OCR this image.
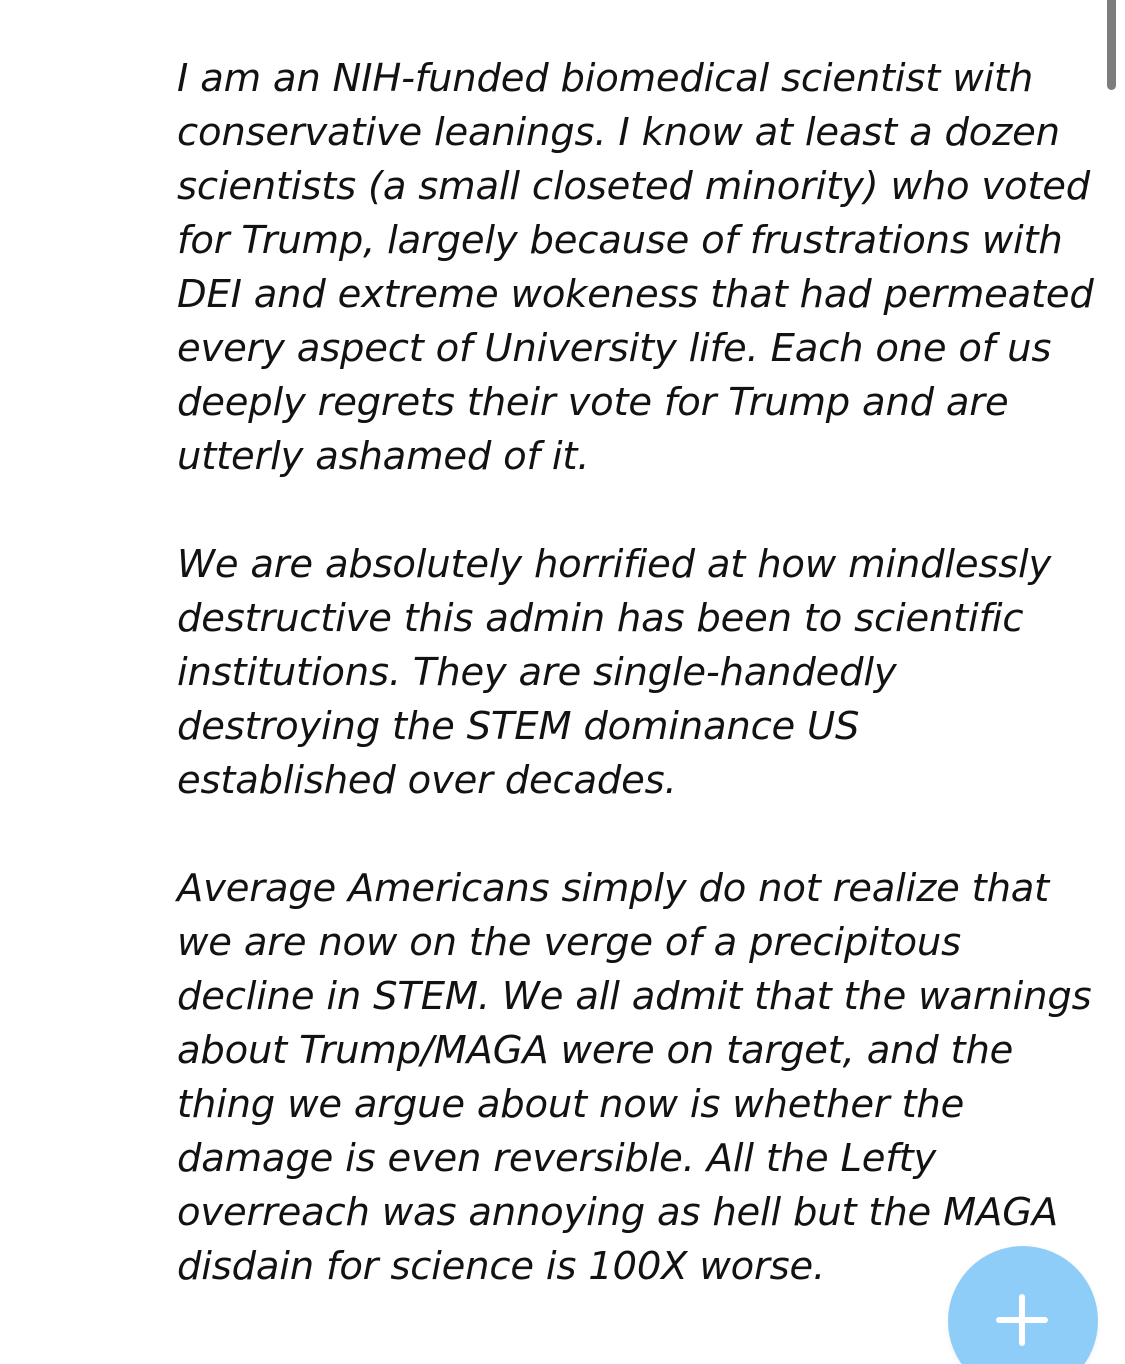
I am an NIH-funded biomedical scientist with
conservative leanings. I know at least a dozen
scientists (a small closeted minority) who voted
for Trump, largely because of frustrations with
DEI and extreme wokeness that had permeated
every aspect of University life. Each one of us
deeply regrets their vote for Trump and are
utterly ashamed of it.
We are absolutely horrified at how mindlessly
destructive this admin has been to scientific
institutions. They are single-handedly
destroying the STEM dominance US
established over decades.
Average Americans simply do not realize that
we are now on the verge of a precipitous
decline in STEM. We all admit that the warnings
about Trump/MAGA were on target, and the
thing we argue about now is whether the
damage is even reversible. All the Lefty
overreach was annoying as hell but the MAGA
disdain for science is 100X worse.
